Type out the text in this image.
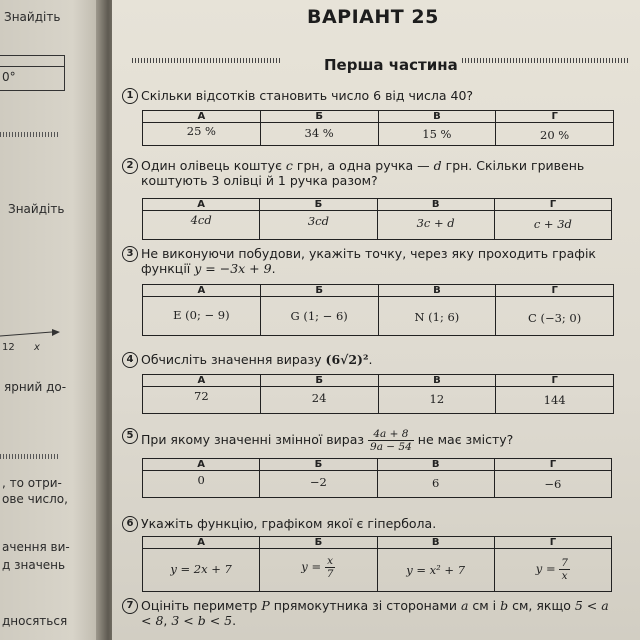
Знайдіть
0°
Знайдіть
12 x
ярний до-
, то отри-
ове число,
ачення ви-
д значень
дносяться
ВАРІАНТ 25
Перша частина
1 Скільки відсотків становить число 6 від числа 40?
А
25 %
Б
34 %
В
15 %
Г
20 %
2 Один олівець коштує c грн, а одна ручка — d грн. Скільки гривень коштують 3 олівці й 1 ручка разом?
А
4cd
Б
3cd
В
3c + d
Г
c + 3d
3 Не виконуючи побудови, укажіть точку, через яку проходить графік функції y = −3x + 9.
А
E (0; − 9)
Б
G (1; − 6)
В
N (1; 6)
Г
C (−3; 0)
4 Обчисліть значення виразу (6√2)².
А
72
Б
24
В
12
Г
144
5 При якому значенні змінної вираз $\frac{4a + 8}{9a - 54}$ не має змісту?
А
0
Б
−2
В
6
Г
−6
6 Укажіть функцію, графіком якої є гіпербола.
А
y = 2x + 7
Б
$y = \frac{x}{7}$
В
y = x² + 7
Г
$y = \frac{7}{x}$
7 Оцініть периметр P прямокутника зі сторонами a см і b см, якщо 5 < a < 8, 3 < b < 5.
